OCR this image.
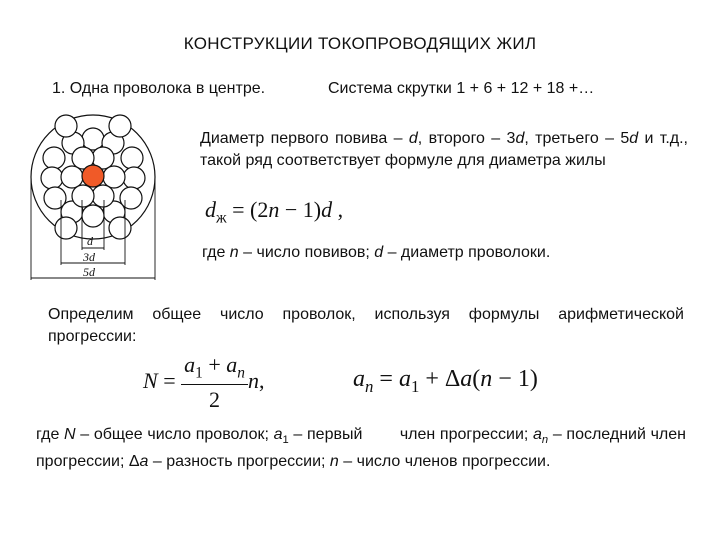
КОНСТРУКЦИИ ТОКОПРОВОДЯЩИХ ЖИЛ
1. Одна проволока в центре.	Система скрутки 1 + 6 + 12 + 18 +…
d
3d
5d
Диаметр первого повива – d, второго – 3d, третьего – 5d и т.д., такой ряд соответствует формуле для диаметра жилы
$d_ж = (2n - 1)d$ ,
где n – число повивов; d – диаметр проволоки.
Определим общее число проволок, используя формулы арифметической прогрессии:
$N = \frac{a_1 + a_n}{2} n$,	$a_n = a_1 + \Delta a(n - 1)$
где N – общее число проволок; $a_1$ – первый        член прогрессии; $a_n$ – последний член прогрессии; Δa – разность прогрессии; n – число членов прогрессии.
